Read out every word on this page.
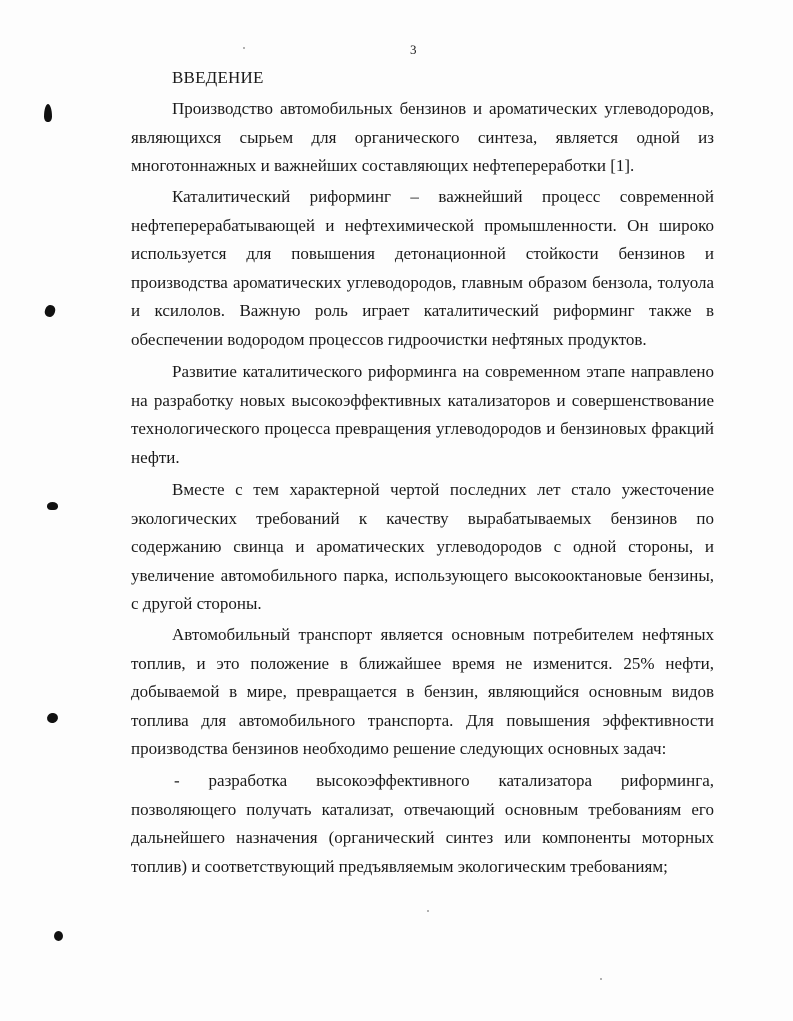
3
ВВЕДЕНИЕ

Производство автомобильных бензинов и ароматических углеводородов, являющихся сырьем для органического синтеза, является одной из многотоннажных и важнейших составляющих нефтепереработки [1].

Каталитический риформинг – важнейший процесс современной нефтеперерабатывающей и нефтехимической промышленности. Он широко используется для повышения детонационной стойкости бензинов и производства ароматических углеводородов, главным образом бензола, толуола и ксилолов. Важную роль играет каталитический риформинг также в обеспечении водородом процессов гидроочистки нефтяных продуктов.

Развитие каталитического риформинга на современном этапе направлено на разработку новых высокоэффективных катализаторов и совершенствование технологического процесса превращения углеводородов и бензиновых фракций нефти.

Вместе с тем характерной чертой последних лет стало ужесточение экологических требований к качеству вырабатываемых бензинов по содержанию свинца и ароматических углеводородов с одной стороны, и увеличение автомобильного парка, использующего высокооктановые бензины, с другой стороны.

Автомобильный транспорт является основным потребителем нефтяных топлив, и это положение в ближайшее время не изменится. 25% нефти, добываемой в мире, превращается в бензин, являющийся основным видов топлива для автомобильного транспорта. Для повышения эффективности производства бензинов необходимо решение следующих основных задач:

- разработка высокоэффективного катализатора риформинга, позволяющего получать катализат, отвечающий основным требованиям его дальнейшего назначения (органический синтез или компоненты моторных топлив) и соответствующий предъявляемым экологическим требованиям;
